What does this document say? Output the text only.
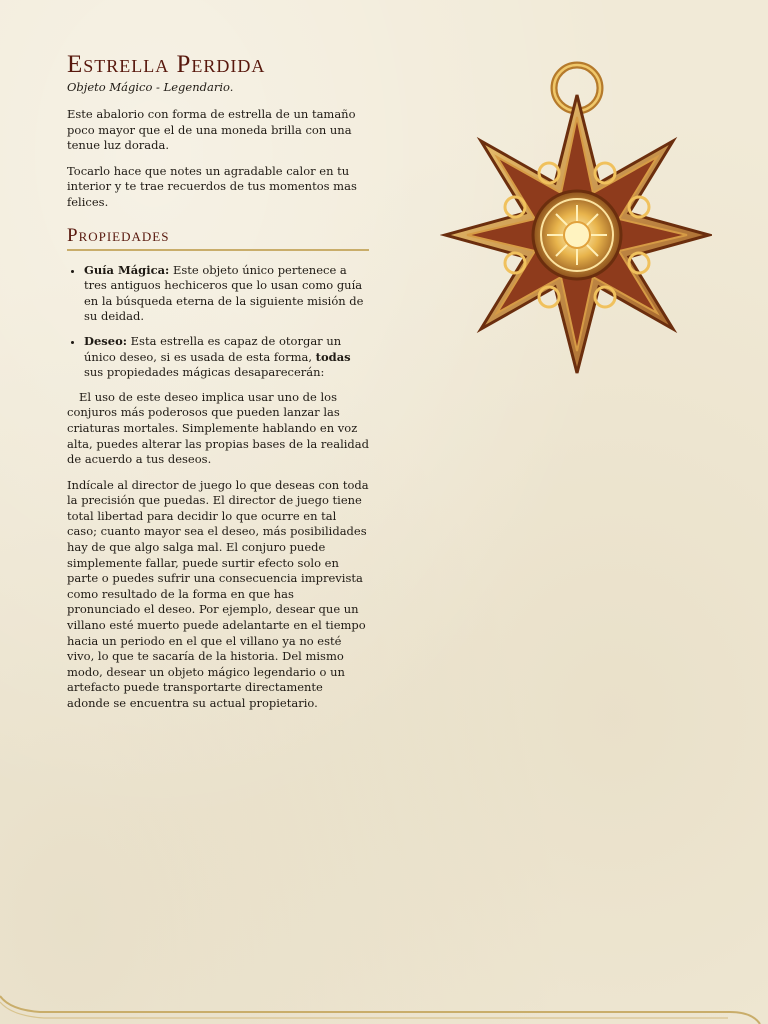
Estrella Perdida
Objeto Mágico - Legendario.

Este abalorio con forma de estrella de un tamaño poco mayor que el de una moneda brilla con una tenue luz dorada.

Tocarlo hace que notes un agradable calor en tu interior y te trae recuerdos de tus momentos mas felices.

Propiedades
• Guía Mágica: Este objeto único pertenece a tres antiguos hechiceros que lo usan como guía en la búsqueda eterna de la siguiente misión de su deidad.
• Deseo: Esta estrella es capaz de otorgar un único deseo, si es usada de esta forma, todas sus propiedades mágicas desaparecerán:

El uso de este deseo implica usar uno de los conjuros más poderosos que pueden lanzar las criaturas mortales. Simplemente hablando en voz alta, puedes alterar las propias bases de la realidad de acuerdo a tus deseos.

Indícale al director de juego lo que deseas con toda la precisión que puedas. El director de juego tiene total libertad para decidir lo que ocurre en tal caso; cuanto mayor sea el deseo, más posibilidades hay de que algo salga mal. El conjuro puede simplemente fallar, puede surtir efecto solo en parte o puedes sufrir una consecuencia imprevista como resultado de la forma en que has pronunciado el deseo. Por ejemplo, desear que un villano esté muerto puede adelantarte en el tiempo hacia un periodo en el que el villano ya no esté vivo, lo que te sacaría de la historia. Del mismo modo, desear un objeto mágico legendario o un artefacto puede transportarte directamente adonde se encuentra su actual propietario.
